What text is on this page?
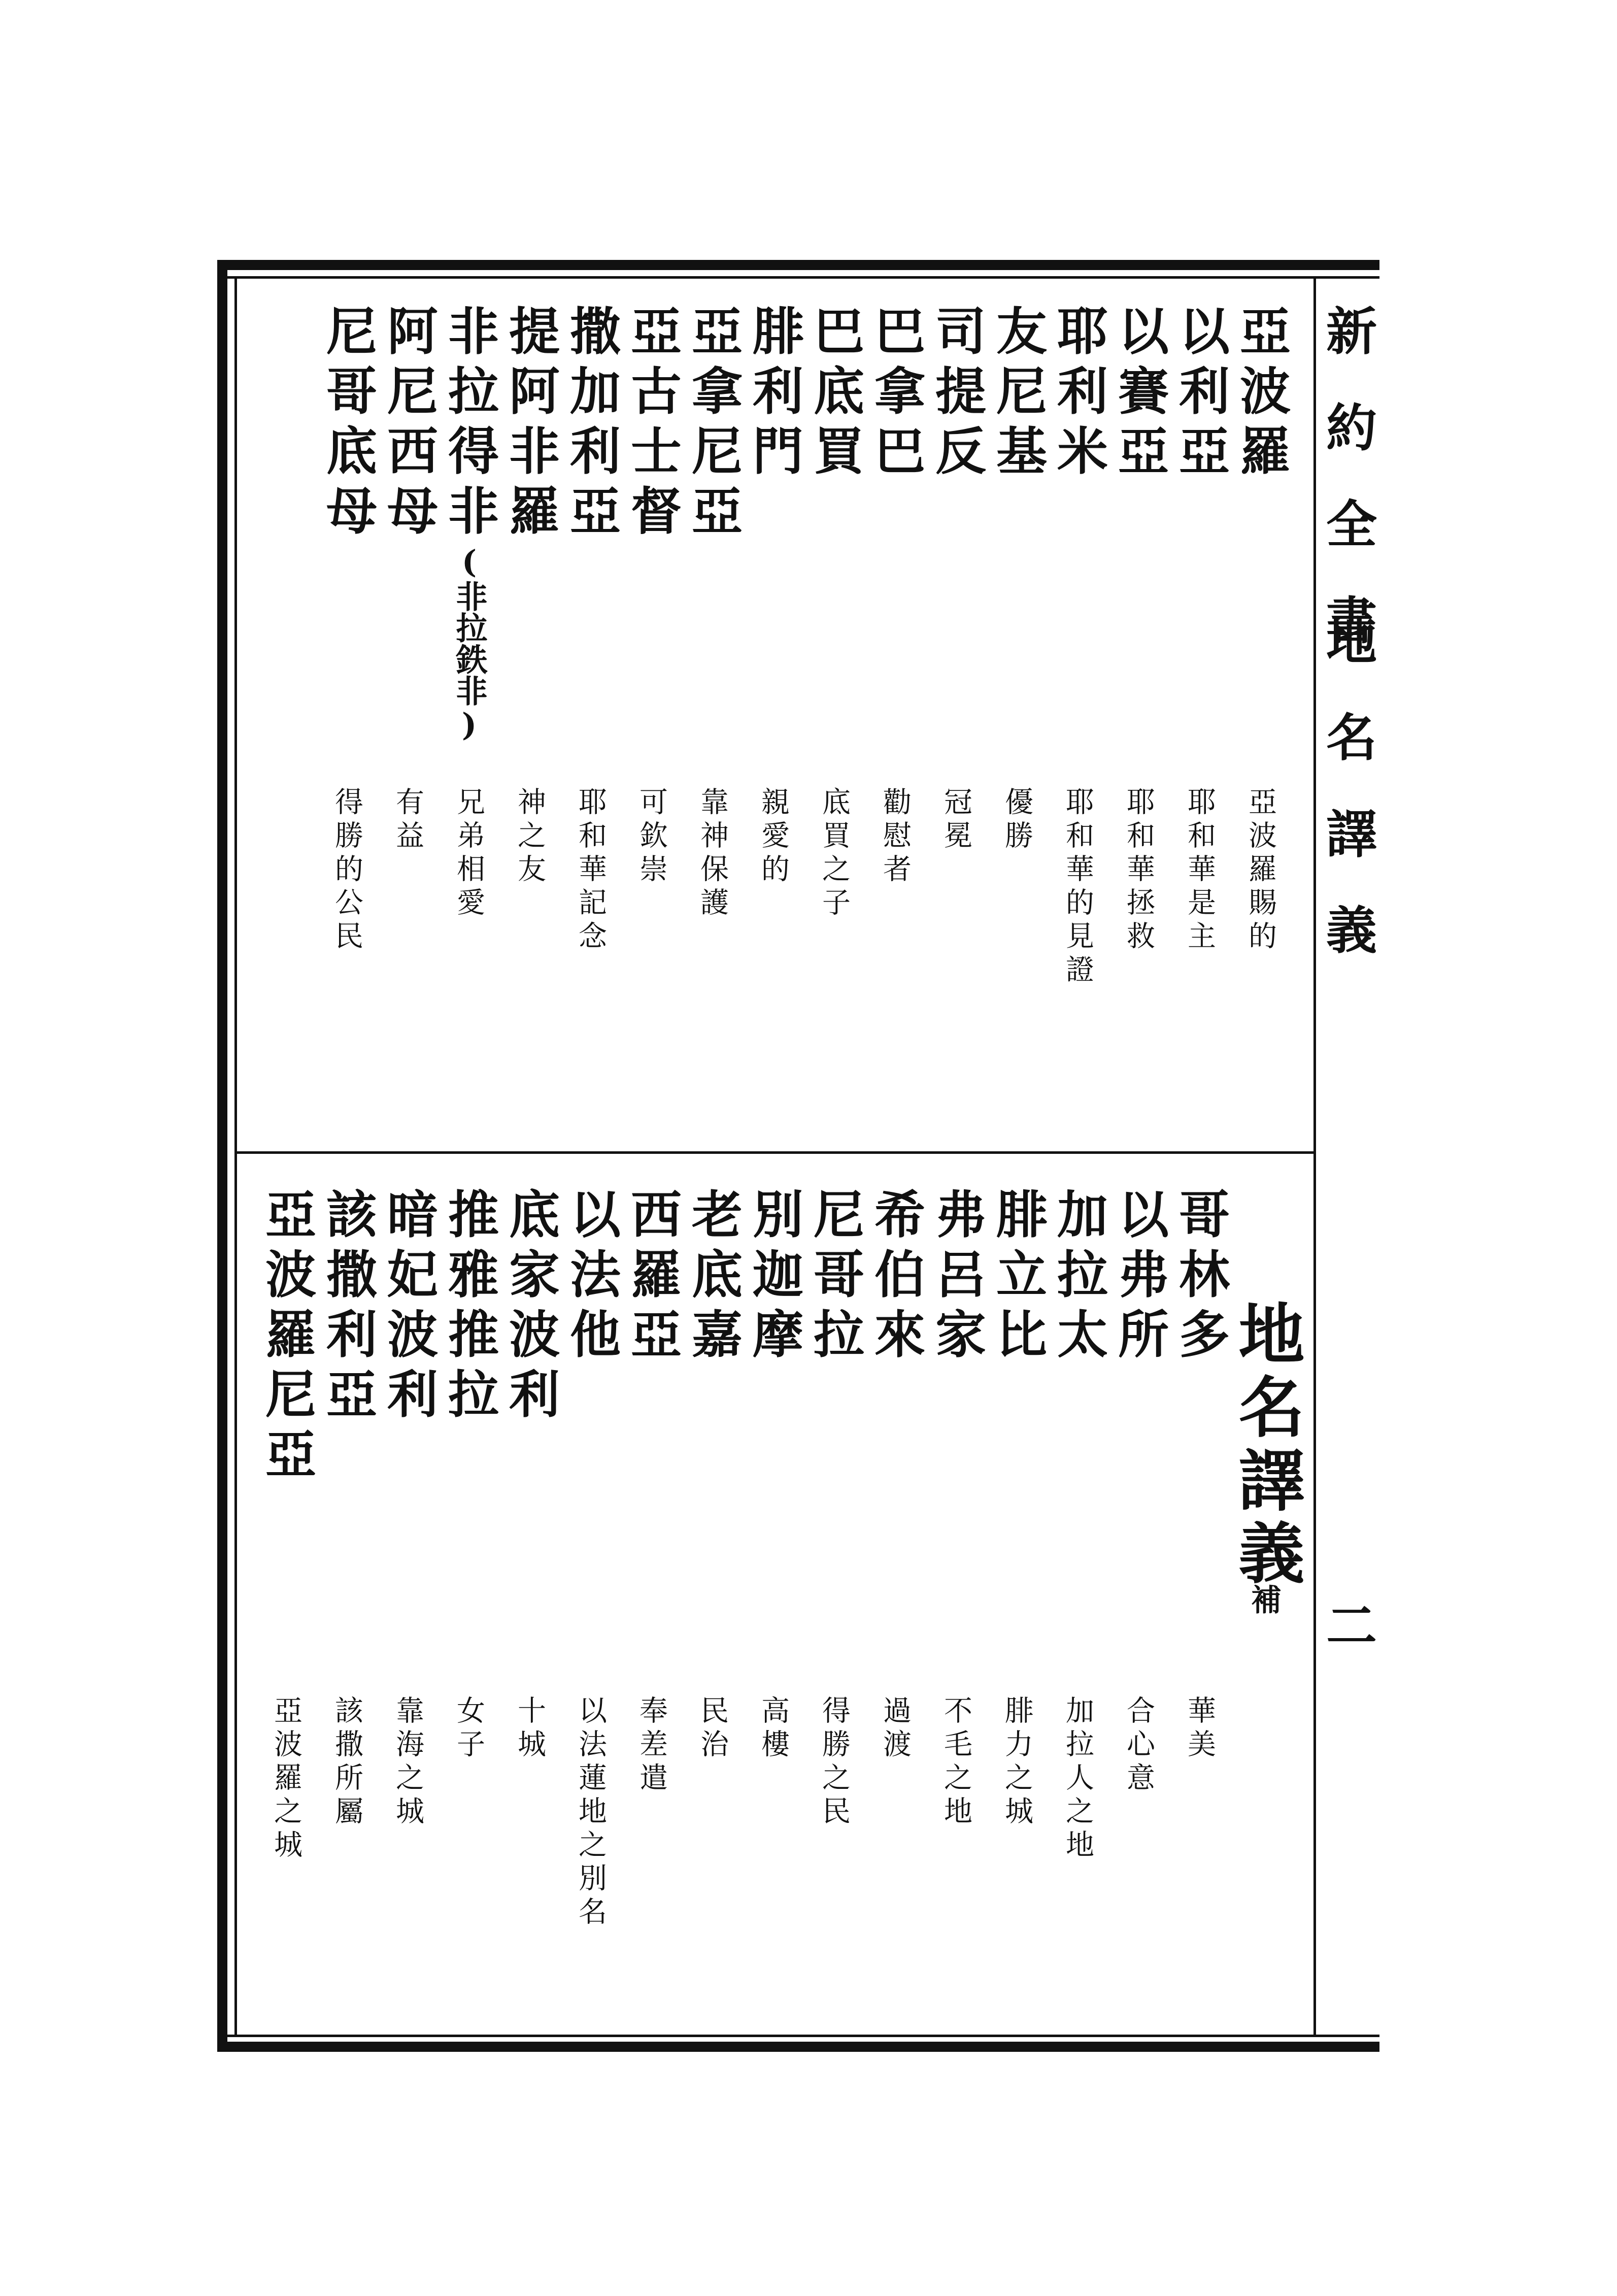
新約全書
地名譯義
二
亞波羅
亞波羅賜的
以利亞
耶和華是主
以賽亞
耶和華拯救
耶利米
耶和華的見證
友尼基
優勝
司提反
冠冕
巴拿巴
勸慰者
巴底買
底買之子
腓利門
親愛的
亞拿尼亞
靠神保護
亞古士督
可欽崇
撒加利亞
耶和華記念
提阿非羅
神之友
非拉得非
(非拉鉄非)
兄弟相愛
阿尼西母
有益
尼哥底母
得勝的公民
地名譯義
補
哥林多
華美
以弗所
合心意
加拉太
加拉人之地
腓立比
腓力之城
弗呂家
不毛之地
希伯來
過渡
尼哥拉
得勝之民
別迦摩
高樓
老底嘉
民治
西羅亞
奉差遣
以法他
以法蓮地之別名
底家波利
十城
推雅推拉
女子
暗妃波利
靠海之城
該撒利亞
該撒所屬
亞波羅尼亞
亞波羅之城
